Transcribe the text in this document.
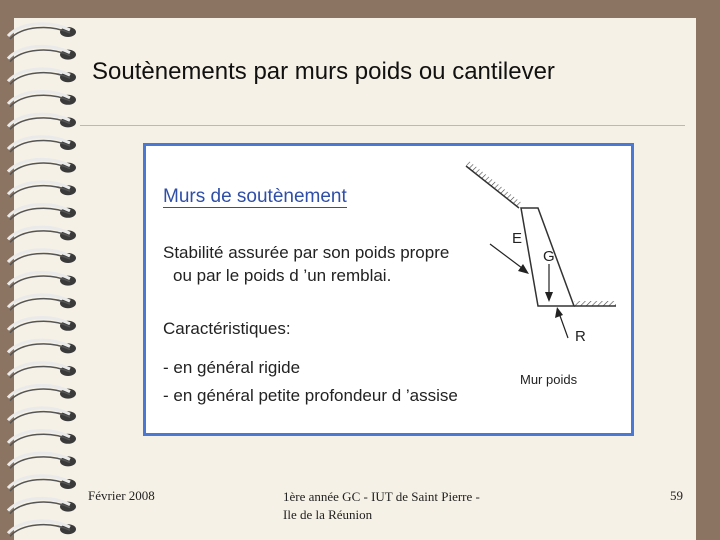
Soutènements par murs poids ou cantilever
Murs de soutènement
Stabilité assurée par son poids propre
ou par le poids d ’un remblai.
Caractéristiques:
- en général rigide
- en général petite profondeur d ’assise
E
G
R
Mur poids
Février 2008	1ère année GC - IUT de Saint Pierre -
Ile de la Réunion
59
